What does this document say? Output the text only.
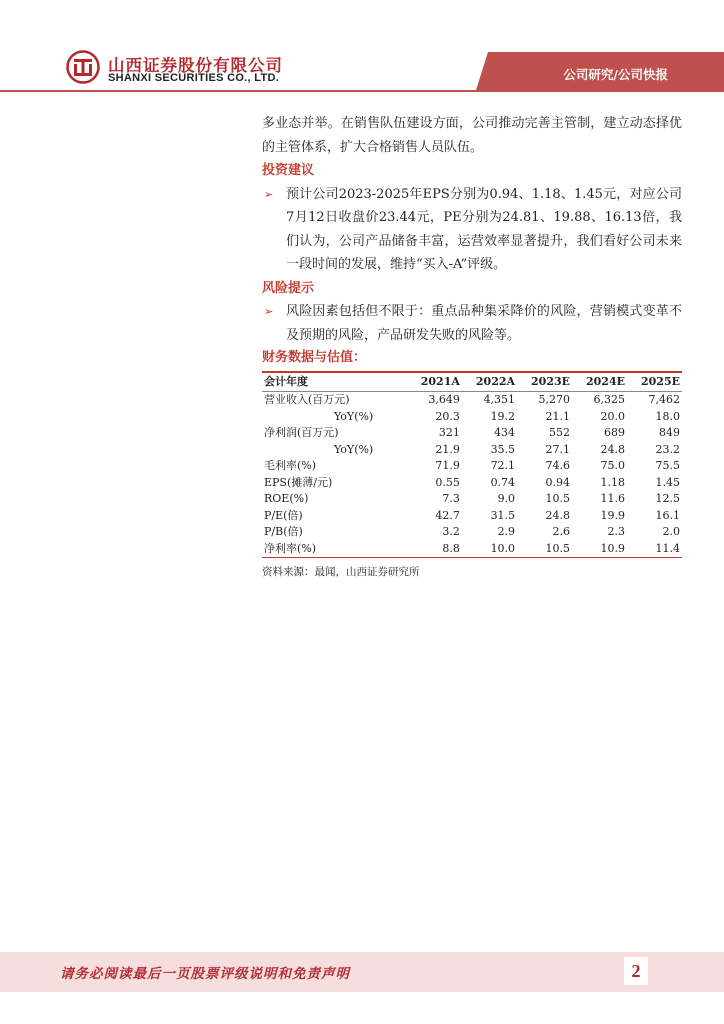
山西证券股份有限公司
SHANXI SECURITIES CO., LTD.	公司研究/公司快报

多业态并举。在销售队伍建设方面，公司推动完善主管制，建立动态择优的主管体系，扩大合格销售人员队伍。

投资建议

➢ 预计公司2023-2025年EPS分别为0.94、1.18、1.45元，对应公司7月12日收盘价23.44元，PE分别为24.81、19.88、16.13倍，我们认为，公司产品储备丰富，运营效率显著提升，我们看好公司未来一段时间的发展，维持“买入-A”评级。

风险提示

➢ 风险因素包括但不限于：重点品种集采降价的风险，营销模式变革不及预期的风险，产品研发失败的风险等。

财务数据与估值：

会计年度	2021A	2022A	2023E	2024E	2025E
营业收入(百万元)	3,649	4,351	5,270	6,325	7,462
YoY(%)	20.3	19.2	21.1	20.0	18.0
净利润(百万元)	321	434	552	689	849
YoY(%)	21.9	35.5	27.1	24.8	23.2
毛利率(%)	71.9	72.1	74.6	75.0	75.5
EPS(摊薄/元)	0.55	0.74	0.94	1.18	1.45
ROE(%)	7.3	9.0	10.5	11.6	12.5
P/E(倍)	42.7	31.5	24.8	19.9	16.1
P/B(倍)	3.2	2.9	2.6	2.3	2.0
净利率(%)	8.8	10.0	10.5	10.9	11.4
资料来源：最闻，山西证券研究所
请务必阅读最后一页股票评级说明和免责声明	2
